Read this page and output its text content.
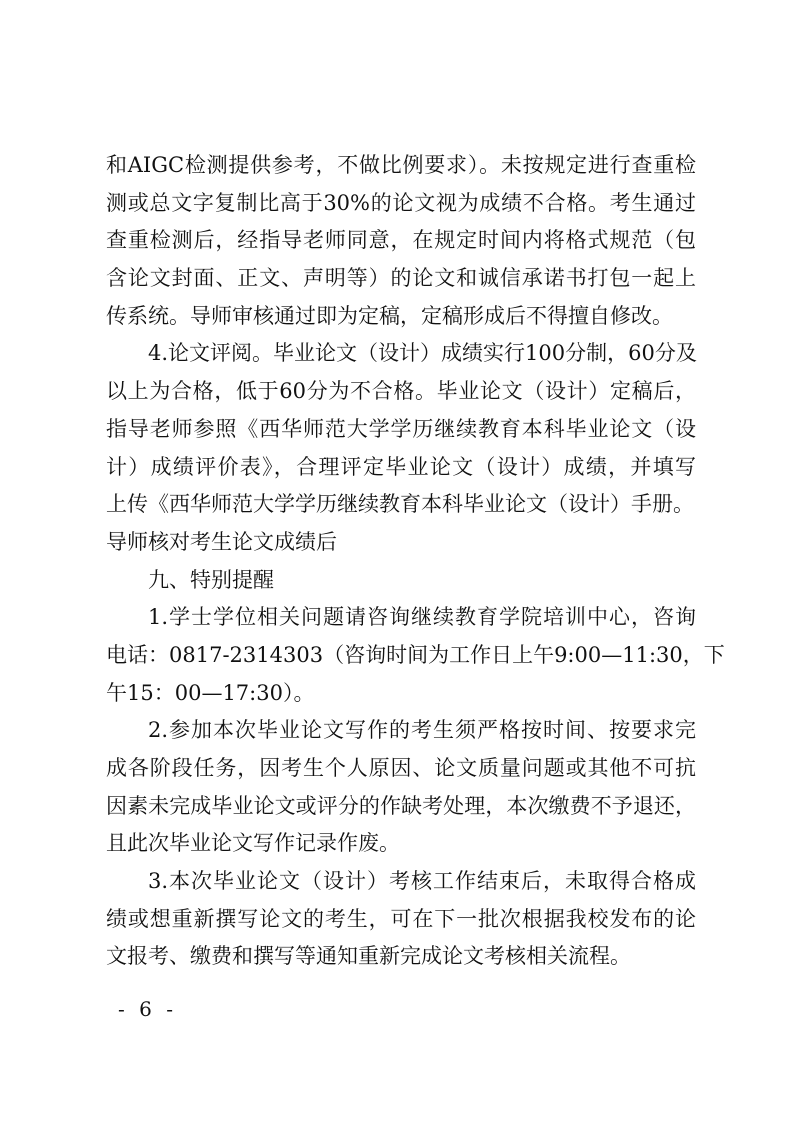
和AIGC检测提供参考，不做比例要求）。未按规定进行查重检
测或总文字复制比高于30%的论文视为成绩不合格。考生通过
查重检测后，经指导老师同意，在规定时间内将格式规范（包
含论文封面、正文、声明等）的论文和诚信承诺书打包一起上
传系统。导师审核通过即为定稿，定稿形成后不得擅自修改。
4.论文评阅。毕业论文（设计）成绩实行100分制，60分及
以上为合格，低于60分为不合格。毕业论文（设计）定稿后，
指导老师参照《西华师范大学学历继续教育本科毕业论文（设
计）成绩评价表》，合理评定毕业论文（设计）成绩，并填写
上传《西华师范大学学历继续教育本科毕业论文（设计）手册。
导师核对考生论文成绩后
九、特别提醒
1.学士学位相关问题请咨询继续教育学院培训中心，咨询
电话：0817-2314303（咨询时间为工作日上午9:00—11:30，下
午15：00—17:30）。
2.参加本次毕业论文写作的考生须严格按时间、按要求完
成各阶段任务，因考生个人原因、论文质量问题或其他不可抗
因素未完成毕业论文或评分的作缺考处理，本次缴费不予退还，
且此次毕业论文写作记录作废。
3.本次毕业论文（设计）考核工作结束后，未取得合格成
绩或想重新撰写论文的考生，可在下一批次根据我校发布的论
文报考、缴费和撰写等通知重新完成论文考核相关流程。
- 6 -
